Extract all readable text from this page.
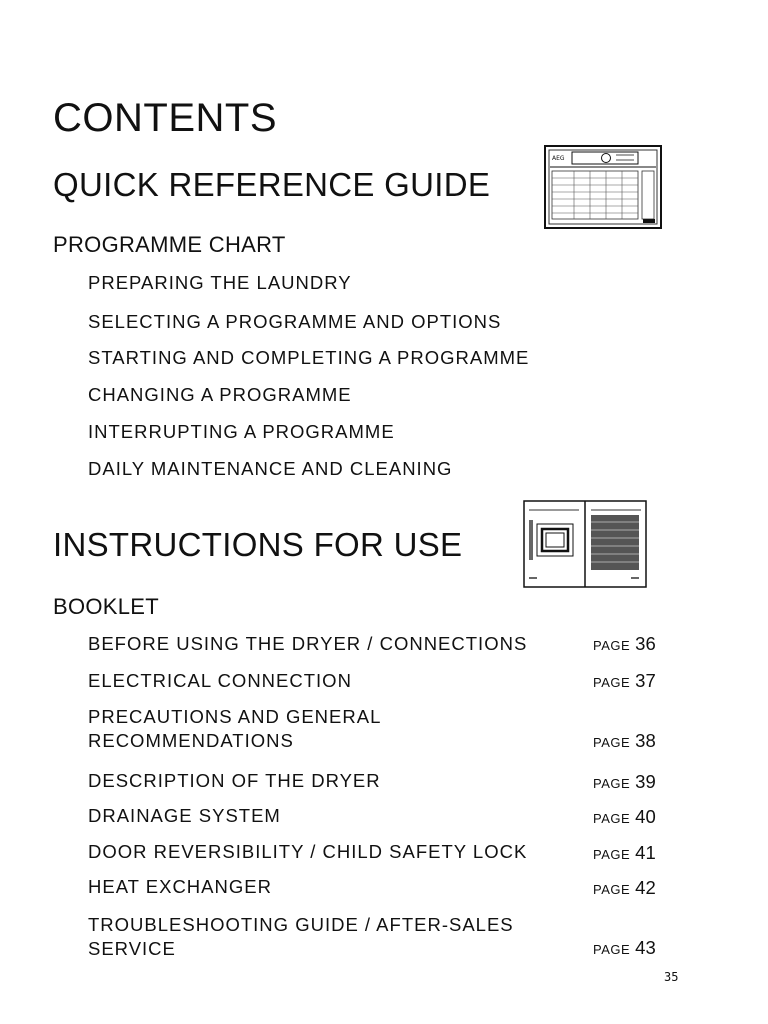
CONTENTS
QUICK REFERENCE GUIDE
AEG
PROGRAMME CHART
PREPARING THE LAUNDRY
SELECTING A PROGRAMME AND OPTIONS
STARTING AND COMPLETING A PROGRAMME
CHANGING A PROGRAMME
INTERRUPTING A PROGRAMME
DAILY MAINTENANCE AND CLEANING
INSTRUCTIONS FOR USE
BOOKLET
BEFORE USING THE DRYER / CONNECTIONS	PAGE 36
ELECTRICAL CONNECTION	PAGE 37
PRECAUTIONS AND GENERAL RECOMMENDATIONS	PAGE 38
DESCRIPTION OF THE DRYER	PAGE 39
DRAINAGE SYSTEM	PAGE 40
DOOR REVERSIBILITY / CHILD SAFETY LOCK	PAGE 41
HEAT EXCHANGER	PAGE 42
TROUBLESHOOTING GUIDE / AFTER-SALES SERVICE	PAGE 43
35
